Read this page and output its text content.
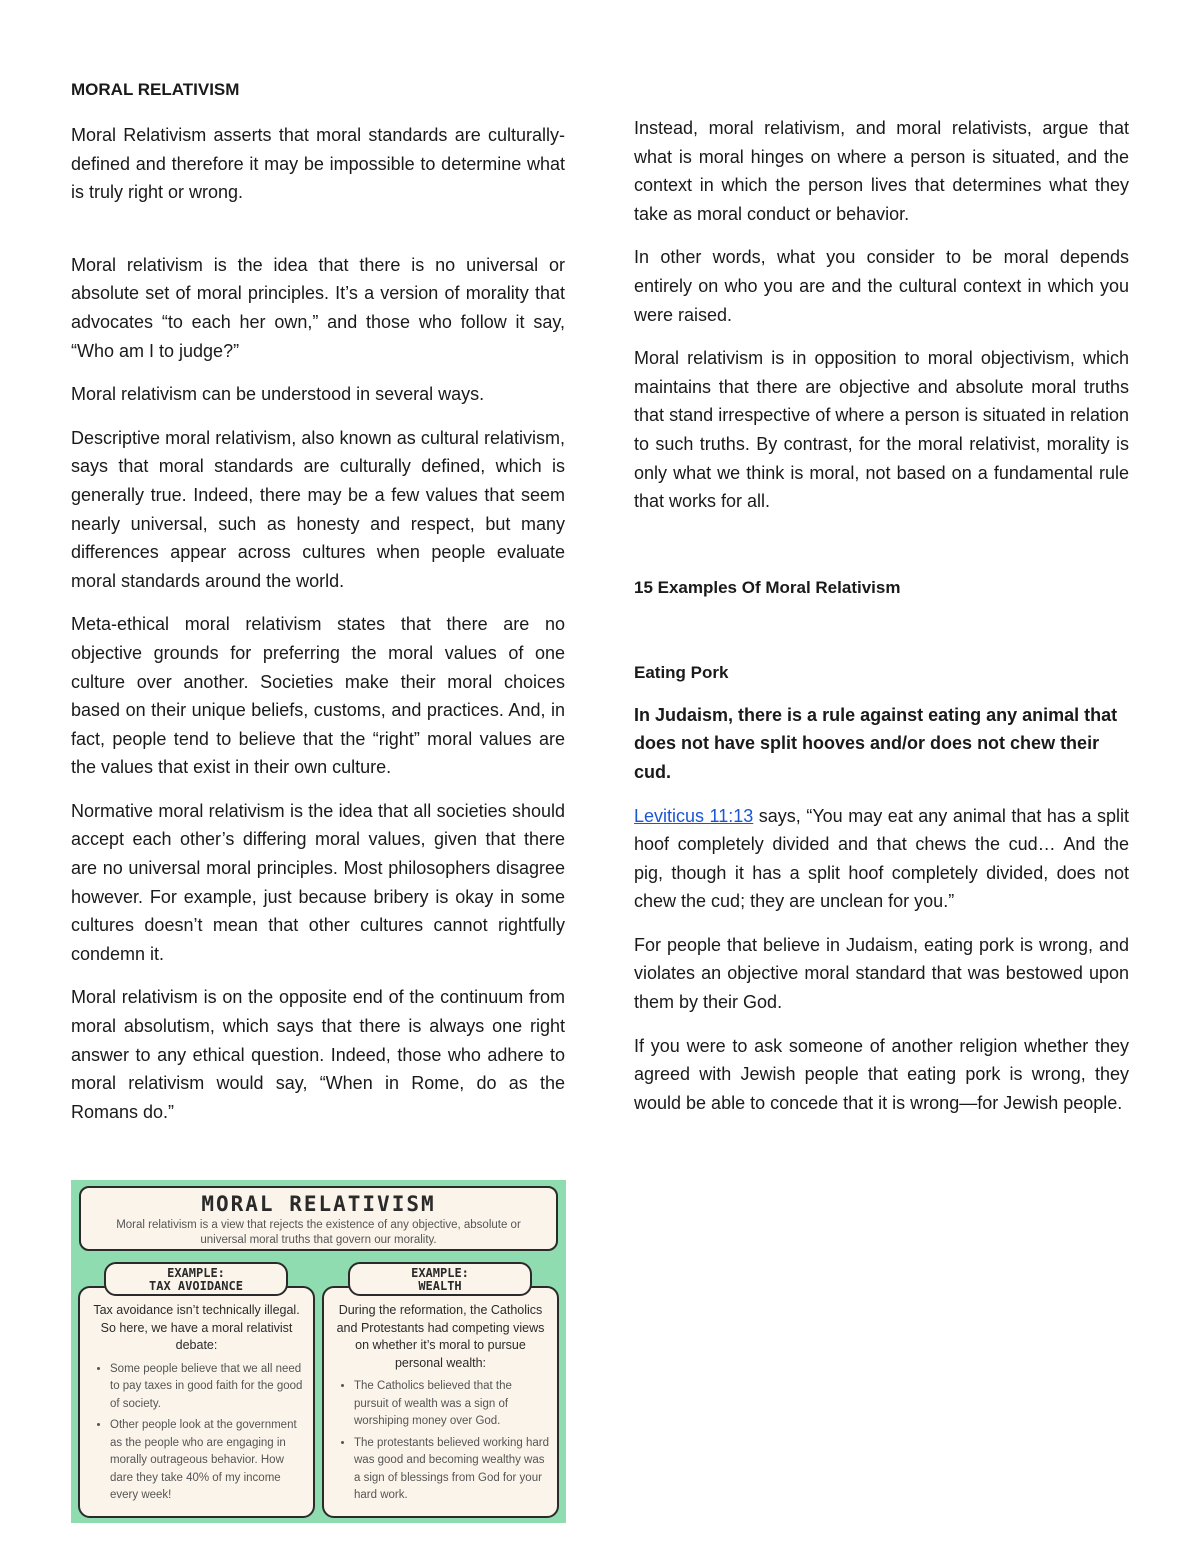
MORAL RELATIVISM

Moral Relativism asserts that moral standards are culturally-defined and therefore it may be impossible to determine what is truly right or wrong.

Moral relativism is the idea that there is no universal or absolute set of moral principles. It’s a version of morality that advocates “to each her own,” and those who follow it say, “Who am I to judge?”

Moral relativism can be understood in several ways.

Descriptive moral relativism, also known as cultural relativism, says that moral standards are culturally defined, which is generally true. Indeed, there may be a few values that seem nearly universal, such as honesty and respect, but many differences appear across cultures when people evaluate moral standards around the world.

Meta-ethical moral relativism states that there are no objective grounds for preferring the moral values of one culture over another. Societies make their moral choices based on their unique beliefs, customs, and practices. And, in fact, people tend to believe that the “right” moral values are the values that exist in their own culture.

Normative moral relativism is the idea that all societies should accept each other’s differing moral values, given that there are no universal moral principles. Most philosophers disagree however. For example, just because bribery is okay in some cultures doesn’t mean that other cultures cannot rightfully condemn it.

Moral relativism is on the opposite end of the continuum from moral absolutism, which says that there is always one right answer to any ethical question. Indeed, those who adhere to moral relativism would say, “When in Rome, do as the Romans do.”

Instead, moral relativism, and moral relativists, argue that what is moral hinges on where a person is situated, and the context in which the person lives that determines what they take as moral conduct or behavior.

In other words, what you consider to be moral depends entirely on who you are and the cultural context in which you were raised.

Moral relativism is in opposition to moral objectivism, which maintains that there are objective and absolute moral truths that stand irrespective of where a person is situated in relation to such truths. By contrast, for the moral relativist, morality is only what we think is moral, not based on a fundamental rule that works for all.

15 Examples Of Moral Relativism
Eating Pork

In Judaism, there is a rule against eating any animal that does not have split hooves and/or does not chew their cud.

Leviticus 11:13 says, “You may eat any animal that has a split hoof completely divided and that chews the cud… And the pig, though it has a split hoof completely divided, does not chew the cud; they are unclean for you.”

For people that believe in Judaism, eating pork is wrong, and violates an objective moral standard that was bestowed upon them by their God.

If you were to ask someone of another religion whether they agreed with Jewish people that eating pork is wrong, they would be able to concede that it is wrong—for Jewish people.

MORAL RELATIVISM
Moral relativism is a view that rejects the existence of any objective, absolute or universal moral truths that govern our morality.
EXAMPLE:
TAX AVOIDANCE
EXAMPLE:
WEALTH
Tax avoidance isn’t technically illegal. So here, we have a moral relativist debate:
• Some people believe that we all need to pay taxes in good faith for the good of society.
• Other people look at the government as the people who are engaging in morally outrageous behavior. How dare they take 40% of my income every week!
During the reformation, the Catholics and Protestants had competing views on whether it’s moral to pursue personal wealth:
• The Catholics believed that the pursuit of wealth was a sign of worshiping money over God.
• The protestants believed working hard was good and becoming wealthy was a sign of blessings from God for your hard work.
